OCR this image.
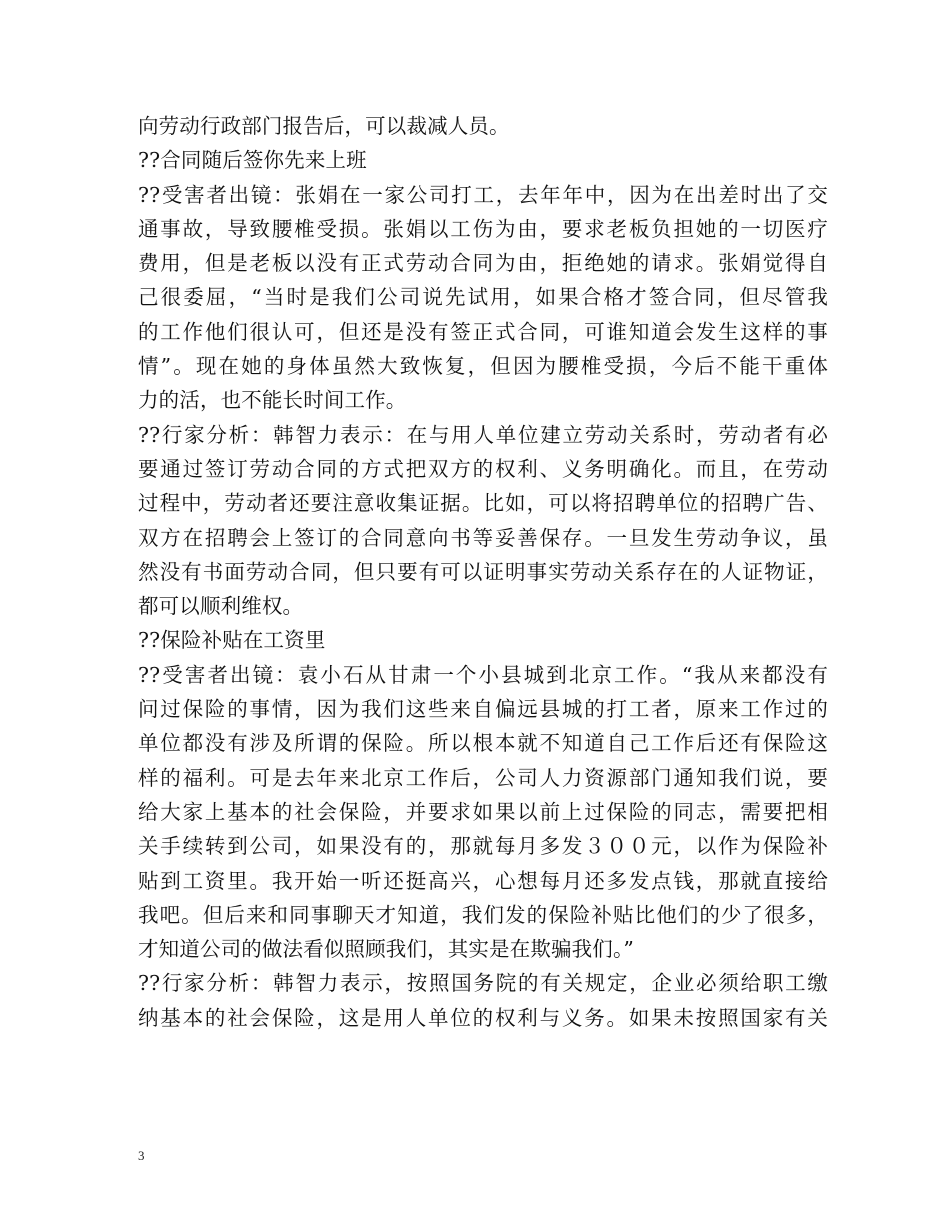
向劳动行政部门报告后，可以裁减人员。
??合同随后签你先来上班
??受害者出镜：张娟在一家公司打工，去年年中，因为在出差时出了交
通事故，导致腰椎受损。张娟以工伤为由，要求老板负担她的一切医疗
费用，但是老板以没有正式劳动合同为由，拒绝她的请求。张娟觉得自
己很委屈，“当时是我们公司说先试用，如果合格才签合同，但尽管我
的工作他们很认可，但还是没有签正式合同，可谁知道会发生这样的事
情”。现在她的身体虽然大致恢复，但因为腰椎受损，今后不能干重体
力的活，也不能长时间工作。
??行家分析：韩智力表示：在与用人单位建立劳动关系时，劳动者有必
要通过签订劳动合同的方式把双方的权利、义务明确化。而且，在劳动
过程中，劳动者还要注意收集证据。比如，可以将招聘单位的招聘广告、
双方在招聘会上签订的合同意向书等妥善保存。一旦发生劳动争议，虽
然没有书面劳动合同，但只要有可以证明事实劳动关系存在的人证物证，
都可以顺利维权。
??保险补贴在工资里
??受害者出镜：袁小石从甘肃一个小县城到北京工作。“我从来都没有
问过保险的事情，因为我们这些来自偏远县城的打工者，原来工作过的
单位都没有涉及所谓的保险。所以根本就不知道自己工作后还有保险这
样的福利。可是去年来北京工作后，公司人力资源部门通知我们说，要
给大家上基本的社会保险，并要求如果以前上过保险的同志，需要把相
关手续转到公司，如果没有的，那就每月多发３００元，以作为保险补
贴到工资里。我开始一听还挺高兴，心想每月还多发点钱，那就直接给
我吧。但后来和同事聊天才知道，我们发的保险补贴比他们的少了很多，
才知道公司的做法看似照顾我们，其实是在欺骗我们。”
??行家分析：韩智力表示，按照国务院的有关规定，企业必须给职工缴
纳基本的社会保险，这是用人单位的权利与义务。如果未按照国家有关
3
